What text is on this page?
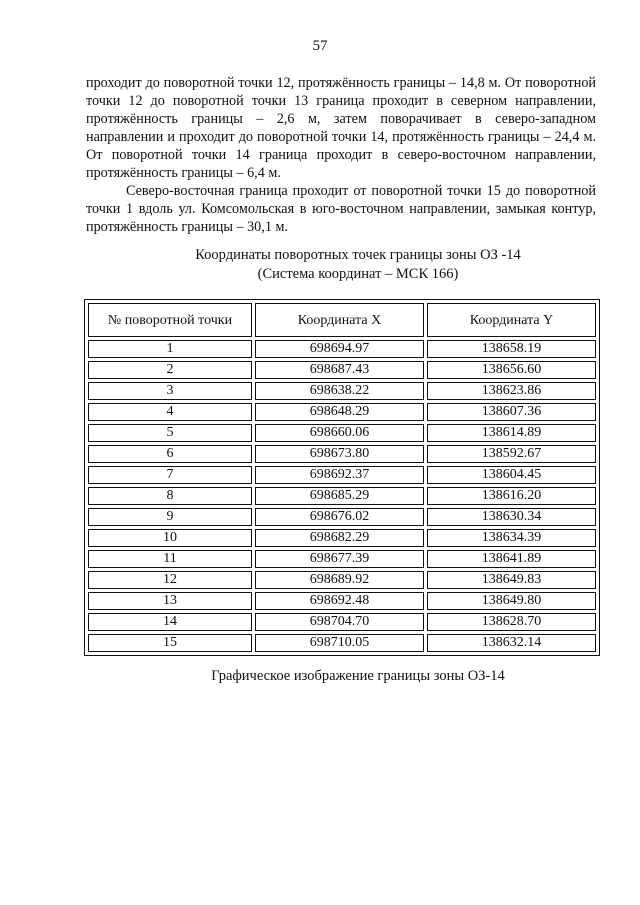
57

проходит до поворотной точки 12, протяжённость границы – 14,8 м. От поворотной точки 12 до поворотной точки 13 граница проходит в северном направлении, протяжённость границы – 2,6 м, затем поворачивает в северо-западном направлении и проходит до поворотной точки 14, протяжённость границы – 24,4 м. От поворотной точки 14 граница проходит в северо-восточном направлении, протяжённость границы – 6,4 м.

Северо-восточная граница проходит от поворотной точки 15 до поворотной точки 1 вдоль ул. Комсомольская в юго-восточном направлении, замыкая контур, протяжённость границы – 30,1 м.

Координаты поворотных точек границы зоны ОЗ -14
(Система координат – МСК 166)
№ поворотной точки	Координата X	Координата Y
1	698694.97	138658.19
2	698687.43	138656.60
3	698638.22	138623.86
4	698648.29	138607.36
5	698660.06	138614.89
6	698673.80	138592.67
7	698692.37	138604.45
8	698685.29	138616.20
9	698676.02	138630.34
10	698682.29	138634.39
11	698677.39	138641.89
12	698689.92	138649.83
13	698692.48	138649.80
14	698704.70	138628.70
15	698710.05	138632.14
Графическое изображение границы зоны ОЗ-14
